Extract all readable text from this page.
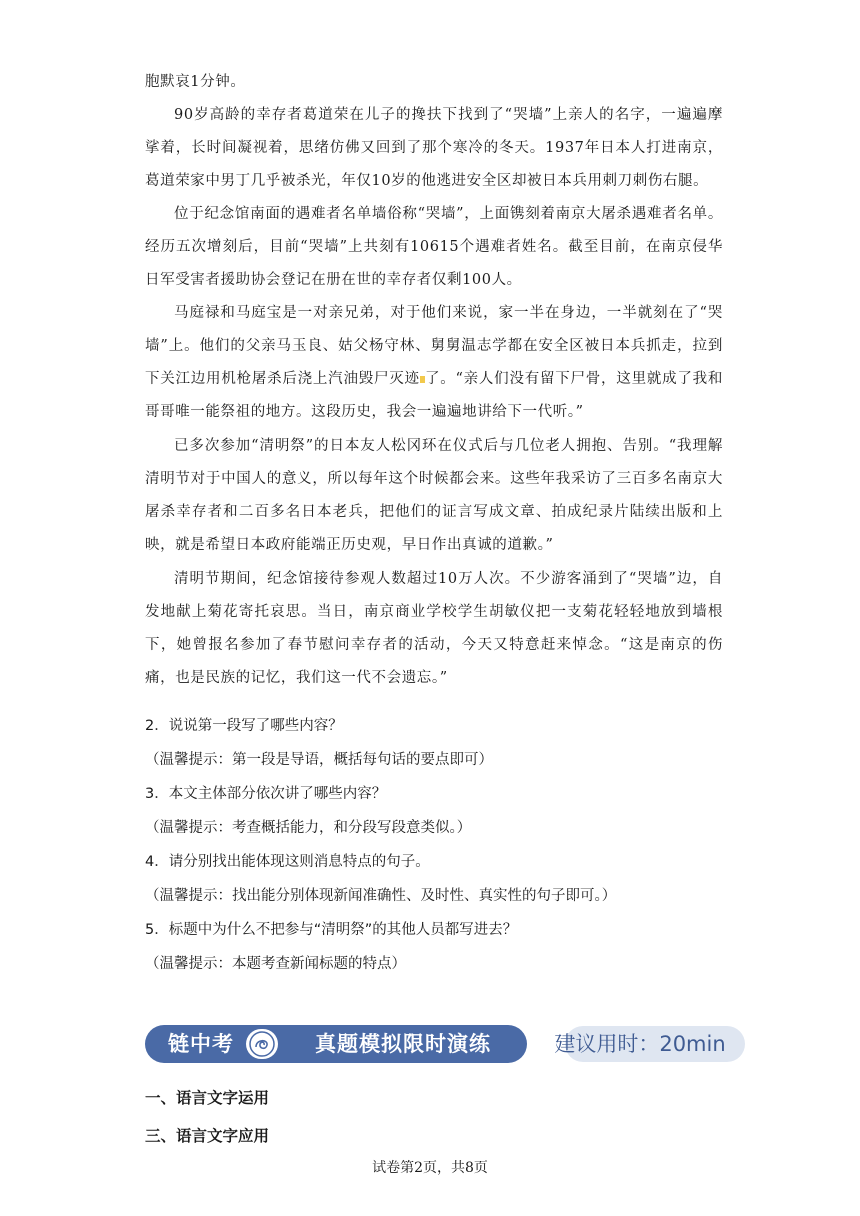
胞默哀1分钟。

90岁高龄的幸存者葛道荣在儿子的搀扶下找到了“哭墙”上亲人的名字，一遍遍摩挲着，长时间凝视着，思绪仿佛又回到了那个寒冷的冬天。1937年日本人打进南京，葛道荣家中男丁几乎被杀光，年仅10岁的他逃进安全区却被日本兵用刺刀刺伤右腿。

位于纪念馆南面的遇难者名单墙俗称“哭墙”，上面镌刻着南京大屠杀遇难者名单。经历五次增刻后，目前“哭墙”上共刻有10615个遇难者姓名。截至目前，在南京侵华日军受害者援助协会登记在册在世的幸存者仅剩100人。

马庭禄和马庭宝是一对亲兄弟，对于他们来说，家一半在身边，一半就刻在了“哭墙”上。他们的父亲马玉良、姑父杨守林、舅舅温志学都在安全区被日本兵抓走，拉到下关江边用机枪屠杀后浇上汽油毁尸灭迹 了。“亲人们没有留下尸骨，这里就成了我和哥哥唯一能祭祖的地方。这段历史，我会一遍遍地讲给下一代听。”

已多次参加“清明祭”的日本友人松冈环在仪式后与几位老人拥抱、告别。“我理解清明节对于中国人的意义，所以每年这个时候都会来。这些年我采访了三百多名南京大屠杀幸存者和二百多名日本老兵，把他们的证言写成文章、拍成纪录片陆续出版和上映，就是希望日本政府能端正历史观，早日作出真诚的道歉。”

清明节期间，纪念馆接待参观人数超过10万人次。不少游客涌到了“哭墙”边，自发地献上菊花寄托哀思。当日，南京商业学校学生胡敏仪把一支菊花轻轻地放到墙根下，她曾报名参加了春节慰问幸存者的活动，今天又特意赶来悼念。“这是南京的伤痛，也是民族的记忆，我们这一代不会遗忘。”

2．说说第一段写了哪些内容？

（温馨提示：第一段是导语，概括每句话的要点即可）

3．本文主体部分依次讲了哪些内容？

（温馨提示：考查概括能力，和分段写段意类似。）

4．请分别找出能体现这则消息特点的句子。

（温馨提示：找出能分别体现新闻准确性、及时性、真实性的句子即可。）

5．标题中为什么不把参与“清明祭”的其他人员都写进去？

（温馨提示：本题考查新闻标题的特点）

链中考	真题模拟限时演练	建议用时：20min

一、语言文字运用

三、语言文字应用

试卷第2页，共8页
